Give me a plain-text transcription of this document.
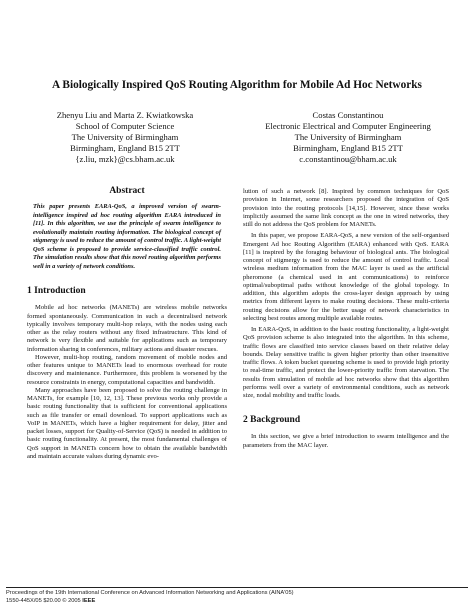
A Biologically Inspired QoS Routing Algorithm for Mobile Ad Hoc Networks
Zhenyu Liu and Marta Z. Kwiatkowska
School of Computer Science
The University of Birmingham
Birmingham, England B15 2TT
{z.liu, mzk}@cs.bham.ac.uk
Costas Constantinou
Electronic Electrical and Computer Engineering
The University of Birmingham
Birmingham, England B15 2TT
c.constantinou@bham.ac.uk

Abstract

This paper presents EARA-QoS, a improved version of swarm-intelligence inspired ad hoc routing algorithm EARA introduced in [11]. In this algorithm, we use the principle of swarm intelligence to evolutionally maintain routing information. The biological concept of stigmergy is used to reduce the amount of control traffic. A light-weight QoS scheme is proposed to provide service-classified traffic control. The simulation results show that this novel routing algorithm performs well in a variety of network conditions.

1 Introduction

Mobile ad hoc networks (MANETs) are wireless mobile networks formed spontaneously. Communication in such a decentralised network typically involves temporary multi-hop relays, with the nodes using each other as the relay routers without any fixed infrastructure. This kind of network is very flexible and suitable for applications such as temporary information sharing in conferences, military actions and disaster rescues.

However, multi-hop routing, random movement of mobile nodes and other features unique to MANETs lead to enormous overhead for route discovery and maintenance. Furthermore, this problem is worsened by the resource constraints in energy, computational capacities and bandwidth.

Many approaches have been proposed to solve the routing challenge in MANETs, for example [10, 12, 13]. These previous works only provide a basic routing functionality that is sufficient for conventional applications such as file transfer or email download. To support applications such as VoIP in MANETs, which have a higher requirement for delay, jitter and packet losses, support for Quality-of-Service (QoS) is needed in addition to basic routing functionality. At present, the most fundamental challenges of QoS support in MANETs concern how to obtain the available bandwidth and maintain accurate values during dynamic evo-

lution of such a network [8]. Inspired by common techniques for QoS provision in Internet, some researchers proposed the integration of QoS provision into the routing protocols [14,15]. However, since these works implicitly assumed the same link concept as the one in wired networks, they still do not address the QoS problem for MANETs.

In this paper, we propose EARA-QoS, a new version of the self-organised Emergent Ad hoc Routing Algorithm (EARA) enhanced with QoS. EARA [11] is inspired by the foraging behaviour of biological ants. The biological concept of stigmergy is used to reduce the amount of control traffic. Local wireless medium information from the MAC layer is used as the artificial pheromone (a chemical used in ant communications) to reinforce optimal/suboptimal paths without knowledge of the global topology. In addition, this algorithm adopts the cross-layer design approach by using metrics from different layers to make routing decisions. These multi-criteria routing decisions allow for the better usage of network characteristics in selecting best routes among multiple available routes.

In EARA-QoS, in addition to the basic routing functionality, a light-weight QoS provision scheme is also integrated into the algorithm. In this scheme, traffic flows are classified into service classes based on their relative delay bounds. Delay sensitive traffic is given higher priority than other insensitive traffic flows. A token bucket queueing scheme is used to provide high priority to real-time traffic, and protect the lower-priority traffic from starvation. The results from simulation of mobile ad hoc networks show that this algorithm performs well over a variety of environmental conditions, such as network size, nodal mobility and traffic loads.

2 Background

In this section, we give a brief introduction to swarm intelligence and the parameters from the MAC layer.

Proceedings of the 19th International Conference on Advanced Information Networking and Applications (AINA'05)
1550-445X/05 $20.00 © 2005 IEEE
